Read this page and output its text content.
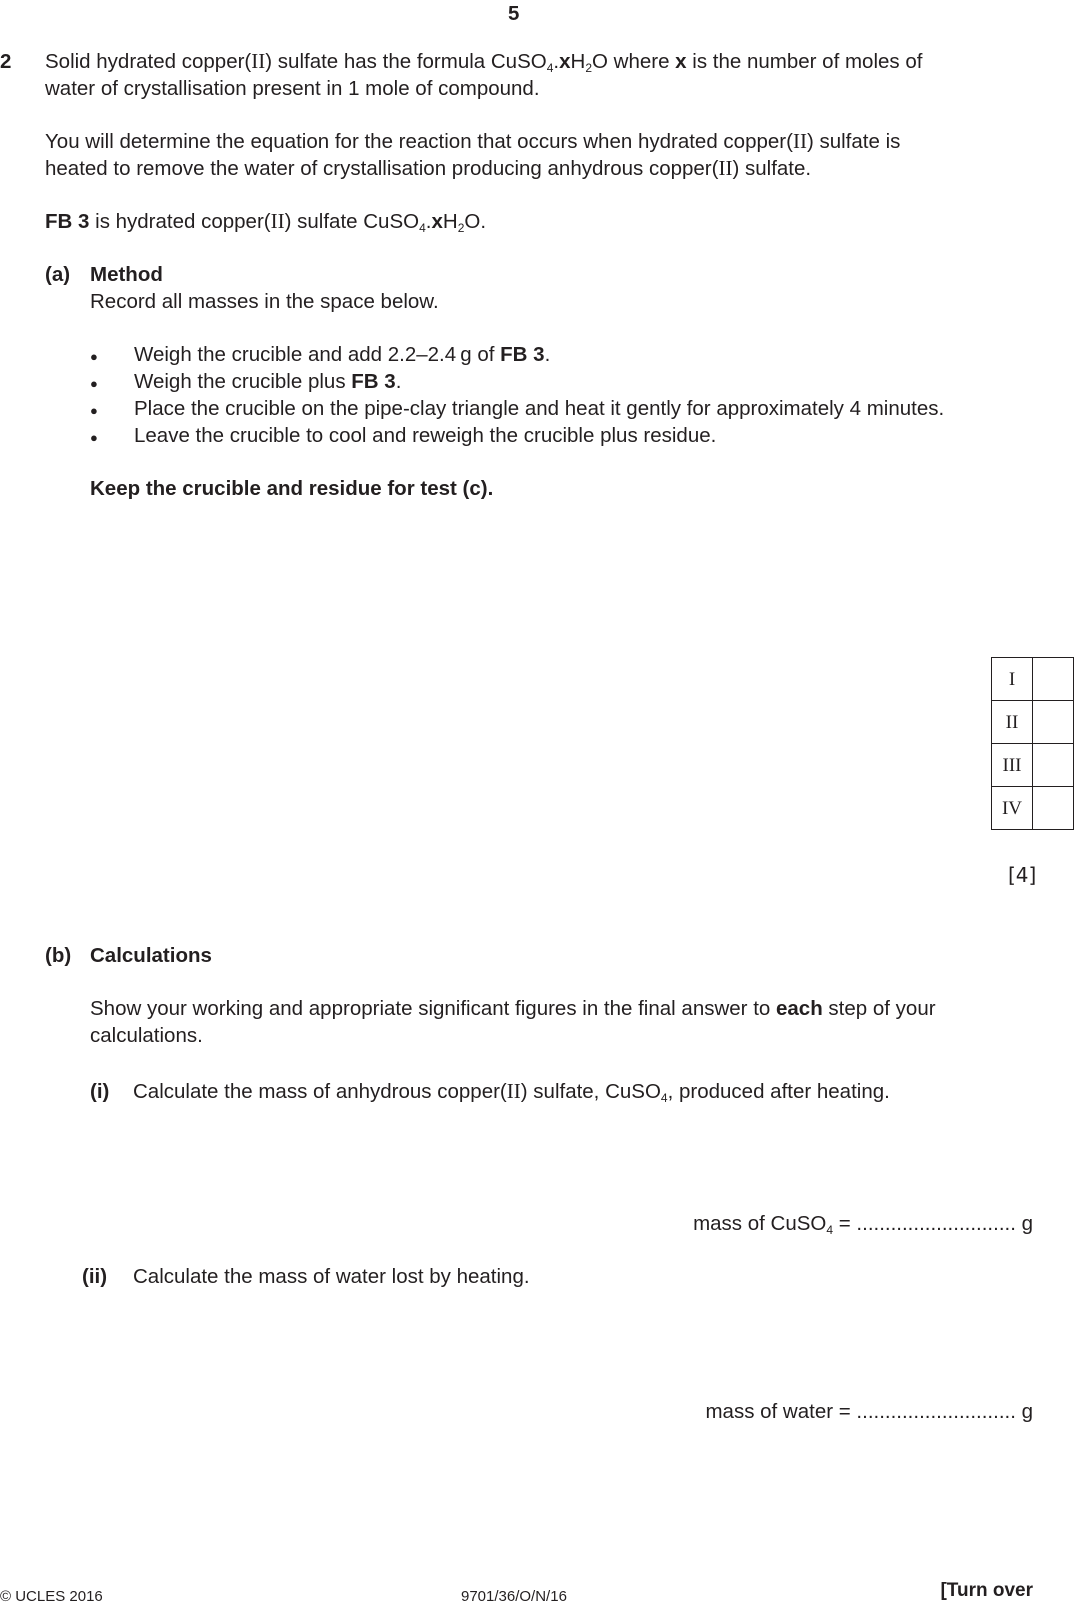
5
2 Solid hydrated copper(II) sulfate has the formula $CuSO_4.xH_2O$ where x is the number of moles of
water of crystallisation present in 1 mole of compound.
You will determine the equation for the reaction that occurs when hydrated copper(II) sulfate is
heated to remove the water of crystallisation producing anhydrous copper(II) sulfate.
FB 3 is hydrated copper(II) sulfate $CuSO_4.xH_2O$.
(a) Method
Record all masses in the space below.
● Weigh the crucible and add 2.2–2.4 g of FB 3.
● Weigh the crucible plus FB 3.
● Place the crucible on the pipe-clay triangle and heat it gently for approximately 4 minutes.
● Leave the crucible to cool and reweigh the crucible plus residue.
Keep the crucible and residue for test (c).
I	
II	
III	
IV	
[4]
(b) Calculations
Show your working and appropriate significant figures in the final answer to each step of your
calculations.
(i) Calculate the mass of anhydrous copper(II) sulfate, CuSO$_4$, produced after heating.
mass of CuSO$_4$ = ............................ g
(ii) Calculate the mass of water lost by heating.
mass of water = ............................ g
© UCLES 2016	9701/36/O/N/16	[Turn over
